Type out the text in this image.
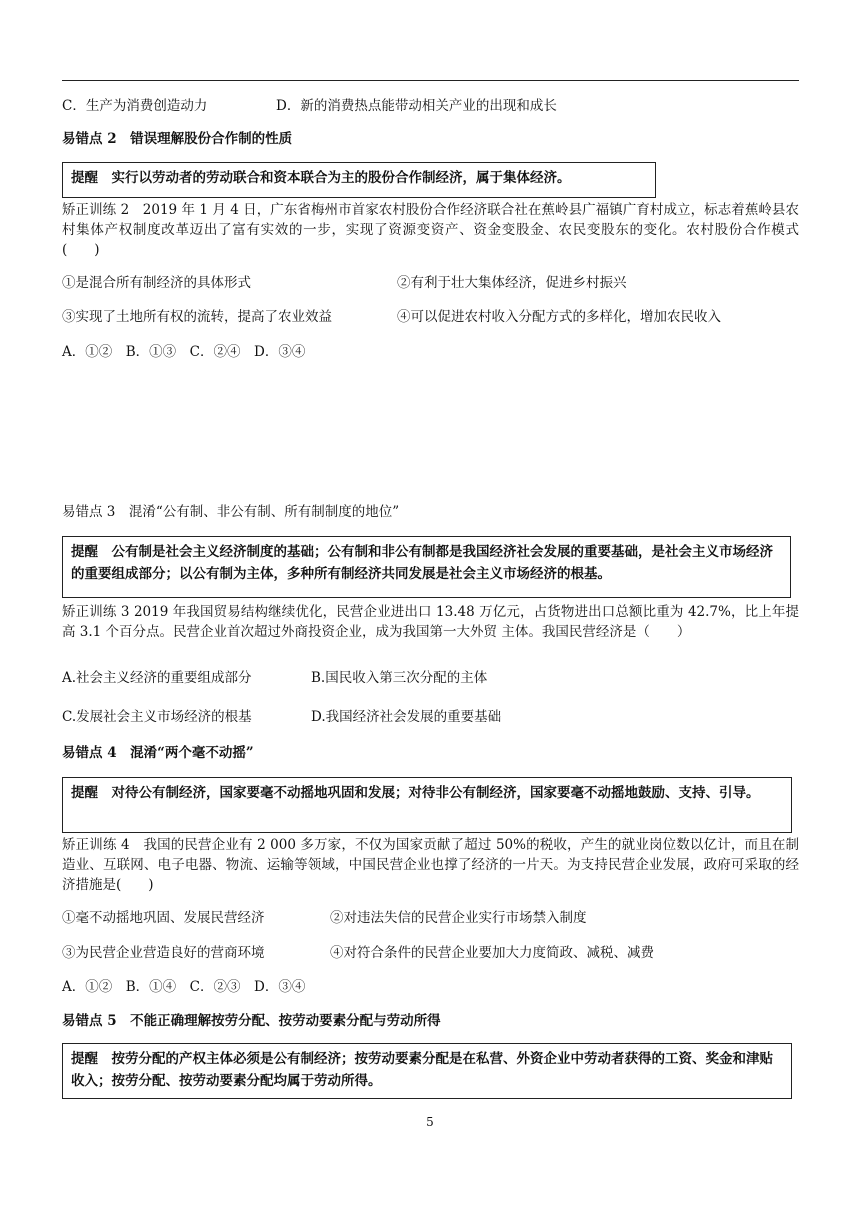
C．生产为消费创造动力	D．新的消费热点能带动相关产业的出现和成长
易错点 2　错误理解股份合作制的性质
提醒　实行以劳动者的劳动联合和资本联合为主的股份合作制经济，属于集体经济。
矫正训练 2　2019 年 1 月 4 日，广东省梅州市首家农村股份合作经济联合社在蕉岭县广福镇广育村成立，标志着蕉岭县农村集体产权制度改革迈出了富有实效的一步，实现了资源变资产、资金变股金、农民变股东的变化。农村股份合作模式(　　)
①是混合所有制经济的具体形式	②有利于壮大集体经济，促进乡村振兴
③实现了土地所有权的流转，提高了农业效益	④可以促进农村收入分配方式的多样化，增加农民收入
A．①②　B．①③　C．②④　D．③④
易错点 3　混淆“公有制、非公有制、所有制制度的地位”
提醒　公有制是社会主义经济制度的基础；公有制和非公有制都是我国经济社会发展的重要基础，是社会主义市场经济的重要组成部分；以公有制为主体，多种所有制经济共同发展是社会主义市场经济的根基。
矫正训练 3 2019 年我国贸易结构继续优化，民营企业进出口 13.48 万亿元，占货物进出口总额比重为 42.7%，比上年提高 3.1 个百分点。民营企业首次超过外商投资企业，成为我国第一大外贸 主体。我国民营经济是（　　）
A.社会主义经济的重要组成部分	B.国民收入第三次分配的主体
C.发展社会主义市场经济的根基	D.我国经济社会发展的重要基础
易错点 4　混淆“两个毫不动摇”
提醒　对待公有制经济，国家要毫不动摇地巩固和发展；对待非公有制经济，国家要毫不动摇地鼓励、支持、引导。
矫正训练 4　我国的民营企业有 2 000 多万家，不仅为国家贡献了超过 50%的税收，产生的就业岗位数以亿计，而且在制造业、互联网、电子电器、物流、运输等领域，中国民营企业也撑了经济的一片天。为支持民营企业发展，政府可采取的经济措施是(　　)
①毫不动摇地巩固、发展民营经济	②对违法失信的民营企业实行市场禁入制度
③为民营企业营造良好的营商环境	④对符合条件的民营企业要加大力度简政、减税、减费
A．①②　B．①④　C．②③　D．③④
易错点 5　不能正确理解按劳分配、按劳动要素分配与劳动所得
提醒　按劳分配的产权主体必须是公有制经济；按劳动要素分配是在私营、外资企业中劳动者获得的工资、奖金和津贴收入；按劳分配、按劳动要素分配均属于劳动所得。
5
